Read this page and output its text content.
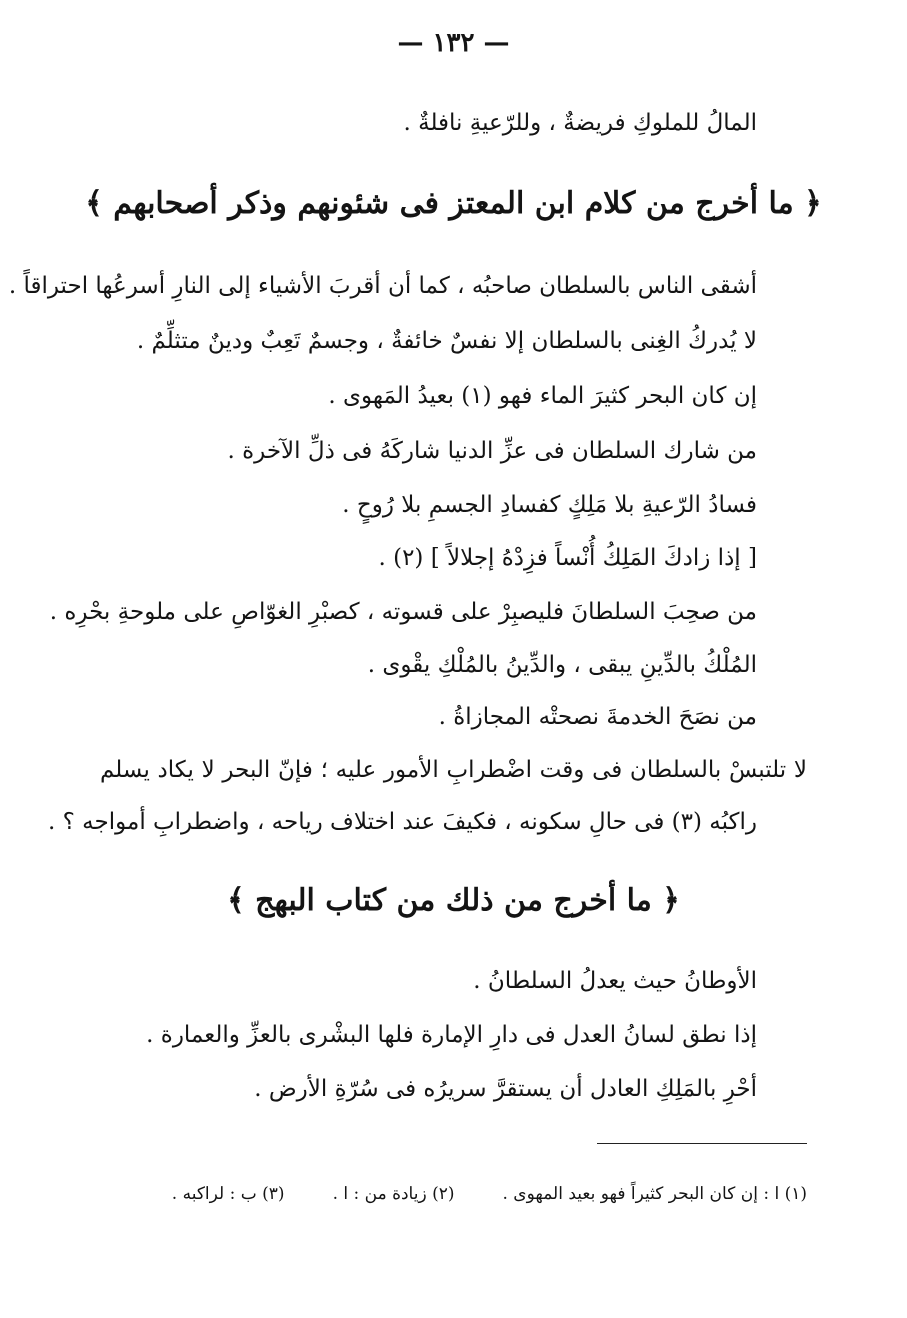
— ١٣٢ —
المالُ للملوكِ فريضةٌ ، وللرّعيةِ نافلةٌ .
﴿ ما أخرج من كلام ابن المعتز فى شئونهم وذكر أصحابهم ﴾
أشقى الناس بالسلطان صاحبُه ، كما أن أقربَ الأشياء إلى النارِ أسرعُها احتراقاً .
لا يُدركُ الغِنى بالسلطان إلا نفسٌ خائفةٌ ، وجسمٌ تَعِبٌ ودينٌ متثلِّمٌ .
إن كان البحر كثيرَ الماء فهو (١) بعيدُ المَهوى .
من شارك السلطان فى عزِّ الدنيا شاركَهُ فى ذلِّ الآخرة .
فسادُ الرّعيةِ بلا مَلِكٍ كفسادِ الجسمِ بلا رُوحٍ .
[ إذا زادكَ المَلِكُ أُنْساً فزِدْهُ إجلالاً ] (٢) .
من صحِبَ السلطانَ فليصبِرْ على قسوته ، كصبْرِ الغوّاصِ على ملوحةِ بحْرِه .
المُلْكُ بالدِّينِ يبقى ، والدِّينُ بالمُلْكِ يقْوى .
من نصَحَ الخدمةَ نصحتْه المجازاةُ .
لا تلتبسْ بالسلطان فى وقت اضْطرابِ الأمور عليه ؛ فإنّ البحر لا يكاد يسلم
راكبُه (٣) فى حالِ سكونه ، فكيفَ عند اختلاف رياحه ، واضطرابِ أمواجه ؟ .
﴿ ما أخرج من ذلك من كتاب البهج ﴾
الأوطانُ حيث يعدلُ السلطانُ .
إذا نطق لسانُ العدل فى دارِ الإمارة فلها البشْرى بالعزِّ والعمارة .
أحْرِ بالمَلِكِ العادل أن يستقرَّ سريرُه فى سُرّةِ الأرض .
(١) ا : إن كان البحر كثيراً فهو بعيد المهوى .
(٢) زيادة من : ا .
(٣) ب : لراكبه .
